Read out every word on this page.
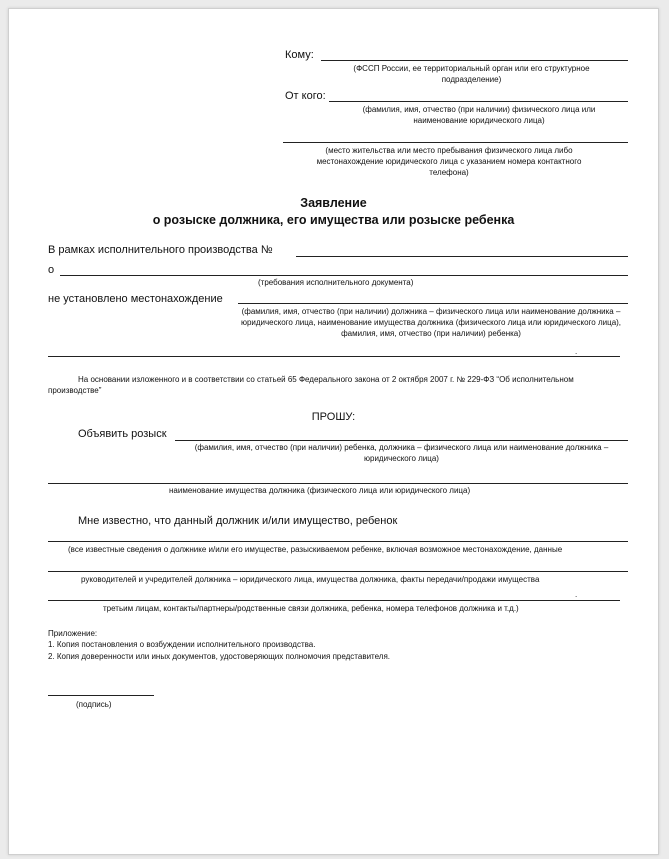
Кому:
(ФССП России, ее территориальный орган или его структурное подразделение)
От кого:
(фамилия, имя, отчество (при наличии) физического лица или наименование юридического лица)
(место жительства или место пребывания физического лица либо местонахождение юридического лица с указанием номера контактного телефона)
Заявление
о розыске должника, его имущества или розыске ребенка
В рамках исполнительного производства №
о
(требования исполнительного документа)
не установлено местонахождение
(фамилия, имя, отчество (при наличии) должника – физического лица или наименование должника – юридического лица, наименование имущества должника (физического лица или юридического лица), фамилия, имя, отчество (при наличии) ребенка)
.
На основании изложенного и в соответствии со статьей 65 Федерального закона от 2 октября 2007 г. № 229-ФЗ “Об исполнительном производстве”
ПРОШУ:
Объявить розыск
(фамилия, имя, отчество (при наличии) ребенка, должника – физического лица или наименование должника – юридического лица)
наименование имущества должника (физического лица или юридического лица)
Мне известно, что данный должник и/или имущество, ребенок
(все известные сведения о должнике и/или его имуществе, разыскиваемом ребенке, включая возможное местонахождение, данные
руководителей и учредителей должника – юридического лица, имущества должника, факты передачи/продажи имущества
.
третьим лицам, контакты/партнеры/родственные связи должника, ребенка, номера телефонов должника и т.д.)
Приложение:
1. Копия постановления о возбуждении исполнительного производства.
2. Копия доверенности или иных документов, удостоверяющих полномочия представителя.
(подпись)
